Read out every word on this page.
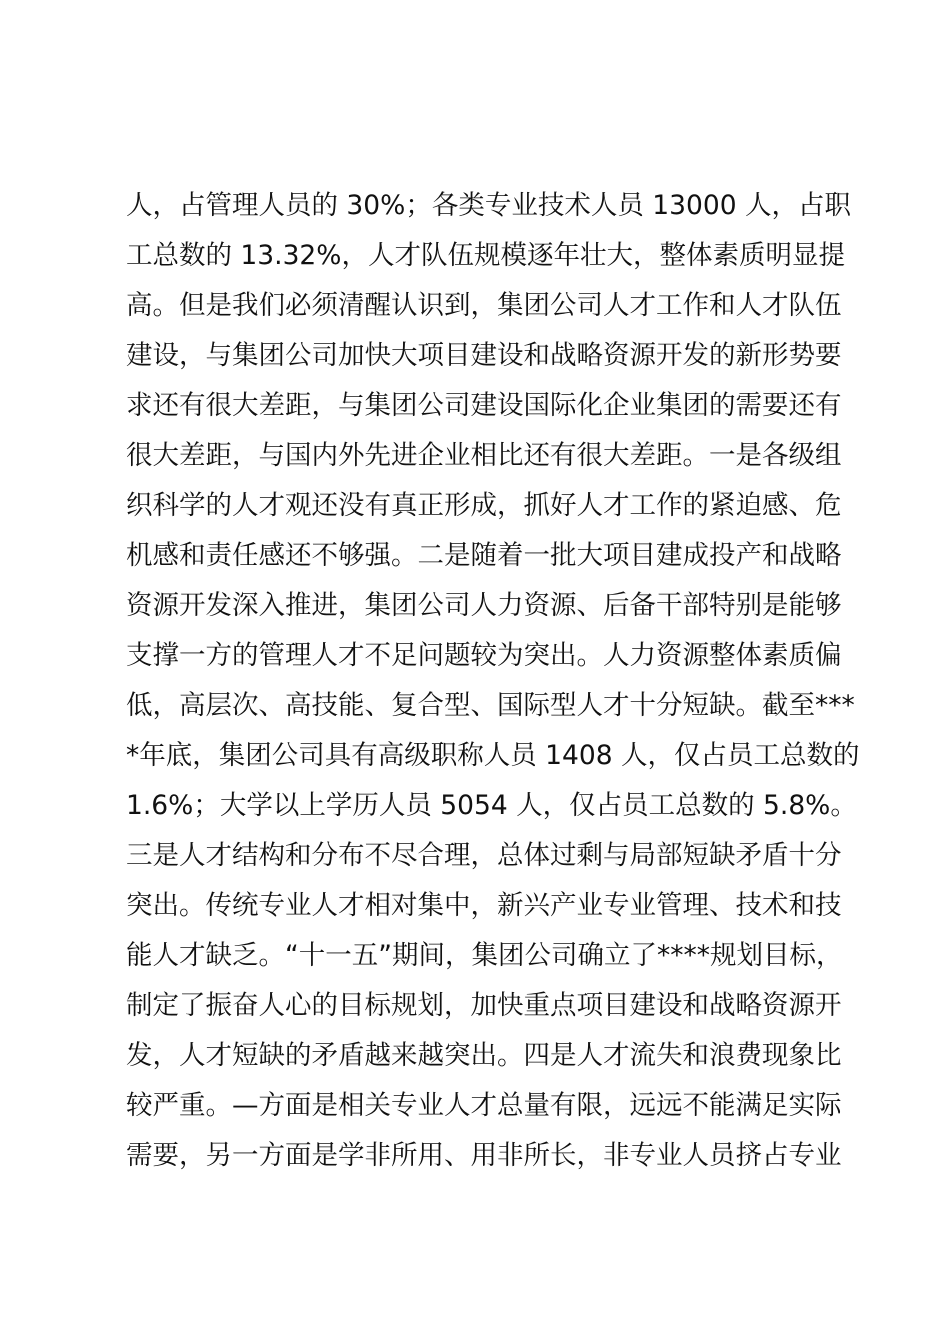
人，占管理人员的 30%；各类专业技术人员 13000 人，占职
工总数的 13.32%，人才队伍规模逐年壮大，整体素质明显提
高。但是我们必须清醒认识到，集团公司人才工作和人才队伍
建设，与集团公司加快大项目建设和战略资源开发的新形势要
求还有很大差距，与集团公司建设国际化企业集团的需要还有
很大差距，与国内外先进企业相比还有很大差距。一是各级组
织科学的人才观还没有真正形成，抓好人才工作的紧迫感、危
机感和责任感还不够强。二是随着一批大项目建成投产和战略
资源开发深入推进，集团公司人力资源、后备干部特别是能够
支撑一方的管理人才不足问题较为突出。人力资源整体素质偏
低，高层次、高技能、复合型、国际型人才十分短缺。截至***
*年底，集团公司具有高级职称人员 1408 人，仅占员工总数的
1.6%；大学以上学历人员 5054 人，仅占员工总数的 5.8%。
三是人才结构和分布不尽合理，总体过剩与局部短缺矛盾十分
突出。传统专业人才相对集中，新兴产业专业管理、技术和技
能人才缺乏。“十一五”期间，集团公司确立了****规划目标，
制定了振奋人心的目标规划，加快重点项目建设和战略资源开
发，人才短缺的矛盾越来越突出。四是人才流失和浪费现象比
较严重。—方面是相关专业人才总量有限，远远不能满足实际
需要，另一方面是学非所用、用非所长，非专业人员挤占专业
